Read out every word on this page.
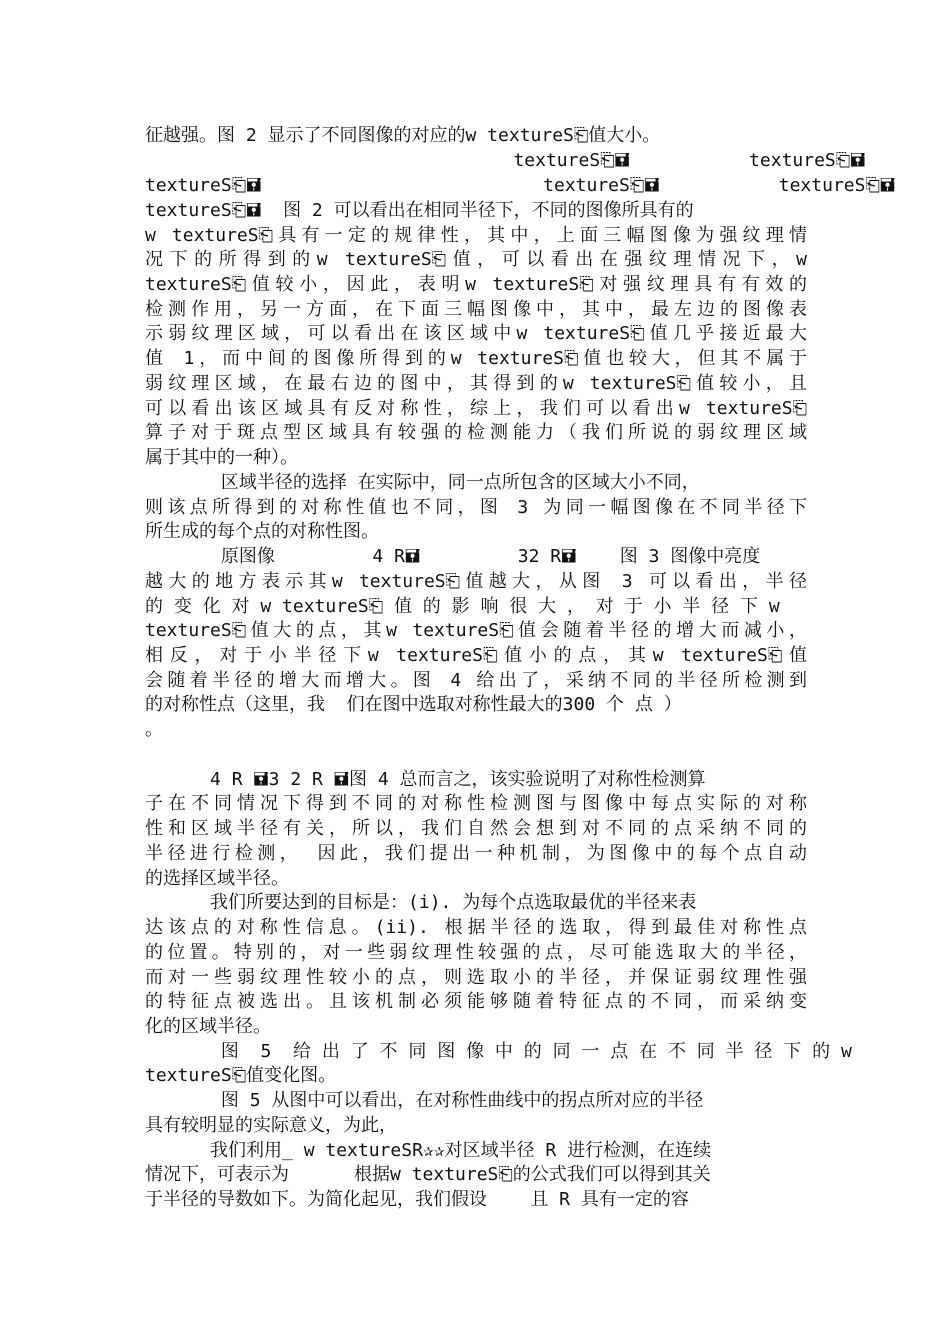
征越强。图 2 显示了不同图像的对应的w textureS⎗值大小。
textureS⎗🖬           textureS⎗🖬
textureS⎗🖬                          textureS⎗🖬           textureS⎗🖬
textureS⎗🖬  图 2 可以看出在相同半径下，不同的图像所具有的
w textureS⎗具有一定的规律性，其中，上面三幅图像为强纹理情
况下的所得到的w textureS⎗值，可以看出在强纹理情况下，w
textureS⎗值较小，因此，表明w textureS⎗对强纹理具有有效的
检测作用，另一方面，在下面三幅图像中，其中，最左边的图像表
示弱纹理区域，可以看出在该区域中w textureS⎗值几乎接近最大
值 1，而中间的图像所得到的w textureS⎗值也较大，但其不属于
弱纹理区域，在最右边的图中，其得到的w textureS⎗值较小，且
可以看出该区域具有反对称性，综上，我们可以看出w textureS⎗
算子对于斑点型区域具有较强的检测能力（我们所说的弱纹理区域
属于其中的一种）。
区域半径的选择 在实际中，同一点所包含的区域大小不同，
则该点所得到的对称性值也不同，图 3 为同一幅图像在不同半径下
所生成的每个点的对称性图。
原图像         4 R🖬         32 R🖬    图 3 图像中亮度
越大的地方表示其w textureS⎗值越大，从图 3 可以看出，半径
的 变 化 对 w textureS⎗ 值 的 影 响 很 大 ， 对 于 小 半 径 下 w
textureS⎗值大的点，其w textureS⎗值会随着半径的增大而减小，
相反，对于小半径下w textureS⎗值小的点，其w textureS⎗值
会随着半径的增大而增大。图 4 给出了，采纳不同的半径所检测到
的对称性点（这里，我  们在图中选取对称性最大的300 个 点 ）
。
4 R 🖬3 2 R 🖬图 4 总而言之，该实验说明了对称性检测算
子在不同情况下得到不同的对称性检测图与图像中每点实际的对称
性和区域半径有关，所以，我们自然会想到对不同的点采纳不同的
半径进行检测， 因此，我们提出一种机制，为图像中的每个点自动
的选择区域半径。
我们所要达到的目标是：(i). 为每个点选取最优的半径来表
达该点的对称性信息。(ii). 根据半径的选取，得到最佳对称性点
的位置。特别的，对一些弱纹理性较强的点，尽可能选取大的半径，
而对一些弱纹理性较小的点，则选取小的半径，并保证弱纹理性强
的特征点被选出。且该机制必须能够随着特征点的不同，而采纳变
化的区域半径。
图  5  给 出 了 不 同 图 像 中 的 同 一 点 在 不 同 半 径 下 的 w
textureS⎗值变化图。
图 5 从图中可以看出，在对称性曲线中的拐点所对应的半径
具有较明显的实际意义，为此，
我们利用_ w textureSR✰✰对区域半径 R 进行检测，在连续
情况下，可表示为      根据w textureS⎗的公式我们可以得到其关
于半径的导数如下。为简化起见，我们假设    且 R 具有一定的容
